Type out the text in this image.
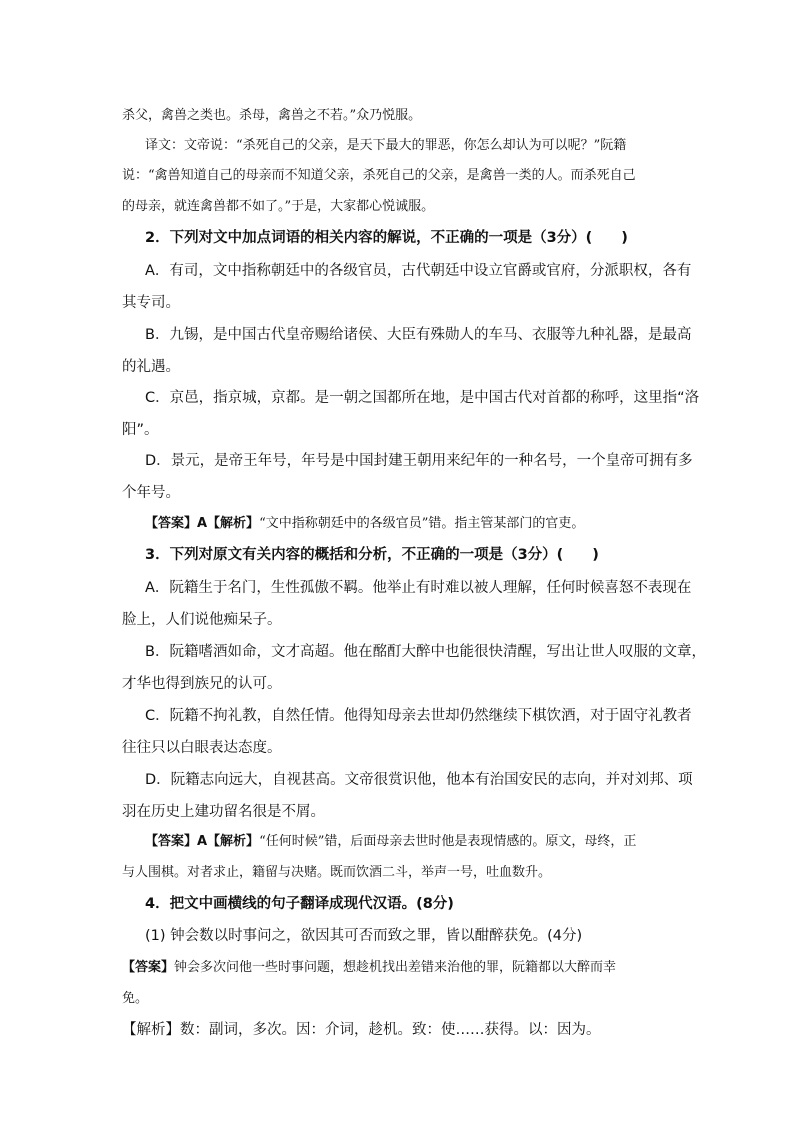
杀父，禽兽之类也。杀母，禽兽之不若。”众乃悦服。
译文：文帝说：“杀死自己的父亲，是天下最大的罪恶，你怎么却认为可以呢？”阮籍
说：“禽兽知道自己的母亲而不知道父亲，杀死自己的父亲，是禽兽一类的人。而杀死自己
的母亲，就连禽兽都不如了。”于是，大家都心悦诚服。
2．下列对文中加点词语的相关内容的解说，不正确的一项是（3分）(　　)
A．有司，文中指称朝廷中的各级官员，古代朝廷中设立官爵或官府，分派职权，各有
其专司。
B．九锡，是中国古代皇帝赐给诸侯、大臣有殊勋人的车马、衣服等九种礼器，是最高
的礼遇。
C．京邑，指京城，京都。是一朝之国都所在地，是中国古代对首都的称呼，这里指“洛
阳”。
D．景元，是帝王年号，年号是中国封建王朝用来纪年的一种名号，一个皇帝可拥有多
个年号。
【答案】A【解析】“文中指称朝廷中的各级官员”错。指主管某部门的官吏。
3．下列对原文有关内容的概括和分析，不正确的一项是（3分）(　　)
A．阮籍生于名门，生性孤傲不羁。他举止有时难以被人理解，任何时候喜怒不表现在
脸上，人们说他痴呆子。
B．阮籍嗜酒如命，文才高超。他在酩酊大醉中也能很快清醒，写出让世人叹服的文章，
才华也得到族兄的认可。
C．阮籍不拘礼教，自然任情。他得知母亲去世却仍然继续下棋饮酒，对于固守礼教者
往往只以白眼表达态度。
D．阮籍志向远大，自视甚高。文帝很赏识他，他本有治国安民的志向，并对刘邦、项
羽在历史上建功留名很是不屑。
【答案】A【解析】“任何时候”错，后面母亲去世时他是表现情感的。原文，母终，正
与人围棋。对者求止，籍留与决赌。既而饮酒二斗，举声一号，吐血数升。
4．把文中画横线的句子翻译成现代汉语。(8分)
(1) 钟会数以时事问之，欲因其可否而致之罪，皆以酣醉获免。(4分)
【答案】钟会多次问他一些时事问题，想趁机找出差错来治他的罪，阮籍都以大醉而幸
免。
【解析】数：副词，多次。因：介词，趁机。致：使……获得。以：因为。
